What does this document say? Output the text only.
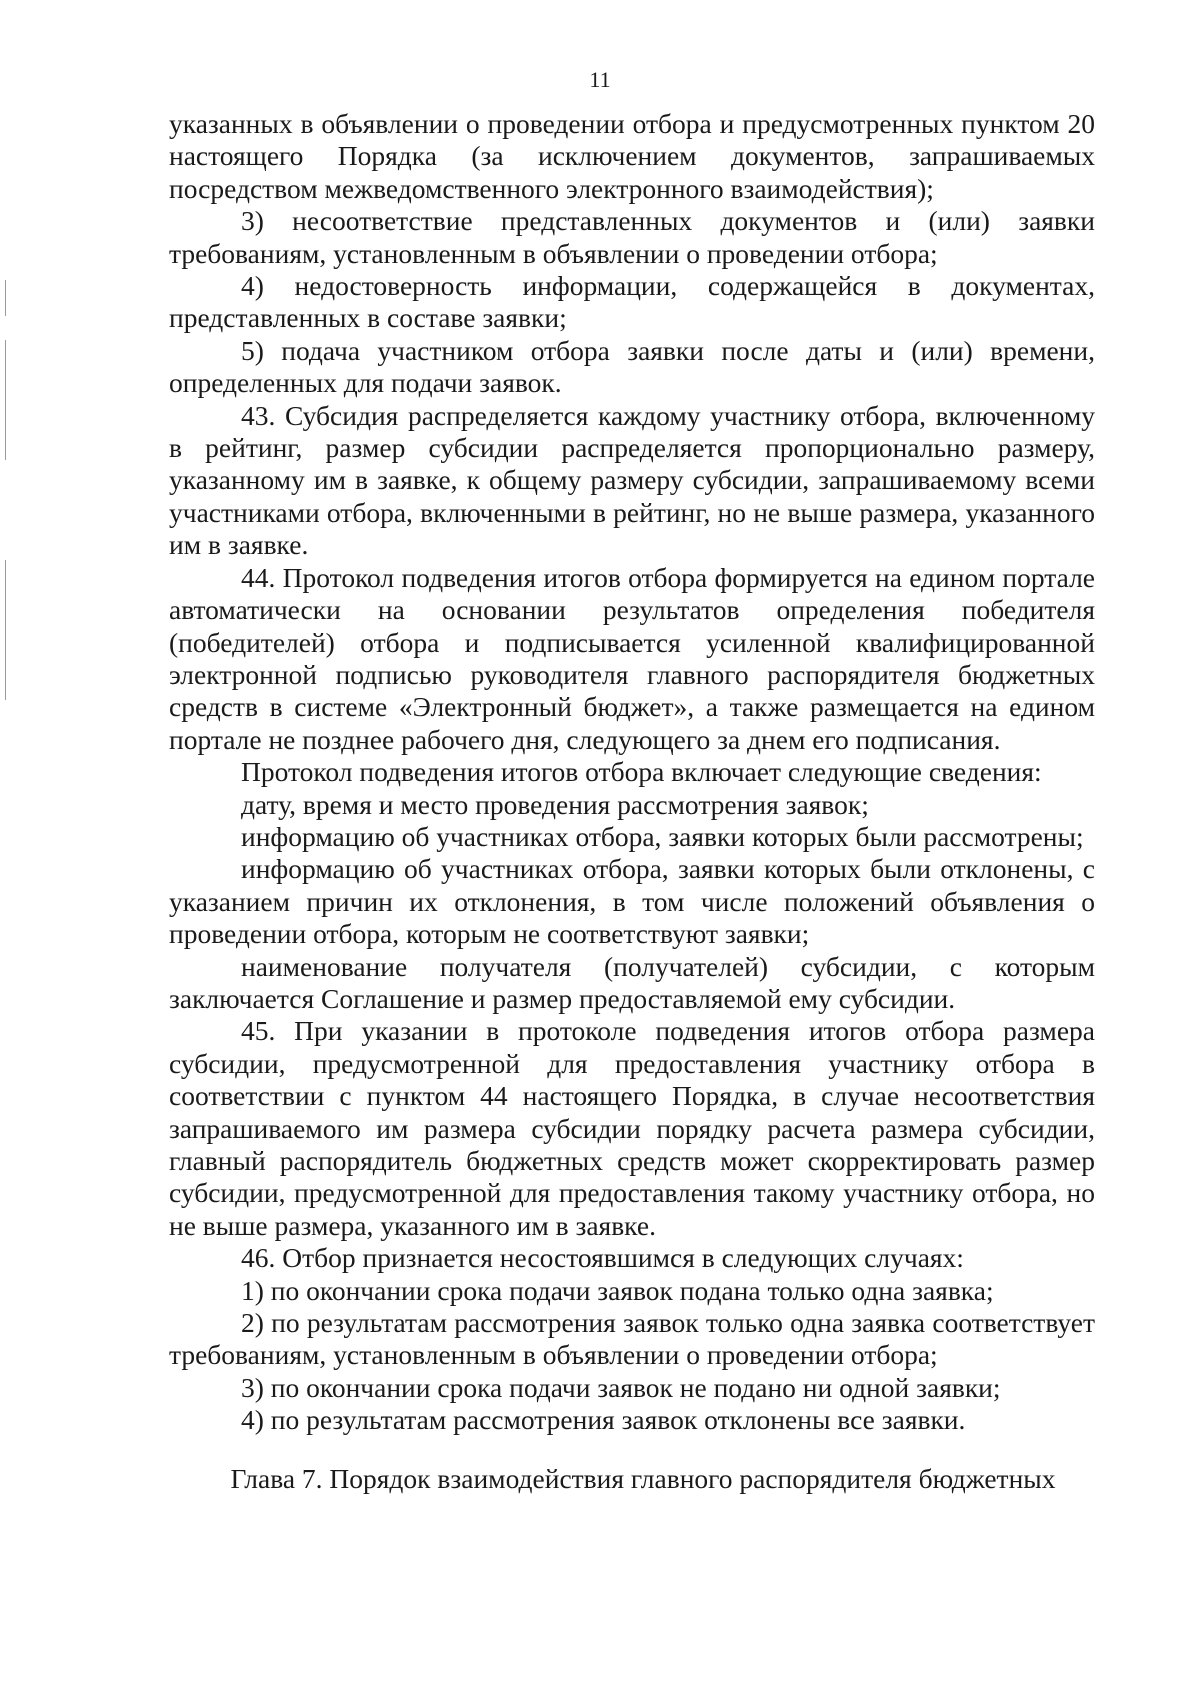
11

указанных в объявлении о проведении отбора и предусмотренных пунктом 20 настоящего Порядка (за исключением документов, запрашиваемых посредством межведомственного электронного взаимодействия);

3) несоответствие представленных документов и (или) заявки требованиям, установленным в объявлении о проведении отбора;

4) недостоверность информации, содержащейся в документах, представленных в составе заявки;

5) подача участником отбора заявки после даты и (или) времени, определенных для подачи заявок.

43. Субсидия распределяется каждому участнику отбора, включенному в рейтинг, размер субсидии распределяется пропорционально размеру, указанному им в заявке, к общему размеру субсидии, запрашиваемому всеми участниками отбора, включенными в рейтинг, но не выше размера, указанного им в заявке.

44. Протокол подведения итогов отбора формируется на едином портале автоматически на основании результатов определения победителя (победителей) отбора и подписывается усиленной квалифицированной электронной подписью руководителя главного распорядителя бюджетных средств в системе «Электронный бюджет», а также размещается на едином портале не позднее рабочего дня, следующего за днем его подписания.

Протокол подведения итогов отбора включает следующие сведения:

дату, время и место проведения рассмотрения заявок;

информацию об участниках отбора, заявки которых были рассмотрены;

информацию об участниках отбора, заявки которых были отклонены, с указанием причин их отклонения, в том числе положений объявления о проведении отбора, которым не соответствуют заявки;

наименование получателя (получателей) субсидии, с которым заключается Соглашение и размер предоставляемой ему субсидии.

45. При указании в протоколе подведения итогов отбора размера субсидии, предусмотренной для предоставления участнику отбора в соответствии с пунктом 44 настоящего Порядка, в случае несоответствия запрашиваемого им размера субсидии порядку расчета размера субсидии, главный распорядитель бюджетных средств может скорректировать размер субсидии, предусмотренной для предоставления такому участнику отбора, но не выше размера, указанного им в заявке.

46. Отбор признается несостоявшимся в следующих случаях:

1) по окончании срока подачи заявок подана только одна заявка;

2) по результатам рассмотрения заявок только одна заявка соответствует требованиям, установленным в объявлении о проведении отбора;

3) по окончании срока подачи заявок не подано ни одной заявки;

4) по результатам рассмотрения заявок отклонены все заявки.

Глава 7. Порядок взаимодействия главного распорядителя бюджетных
